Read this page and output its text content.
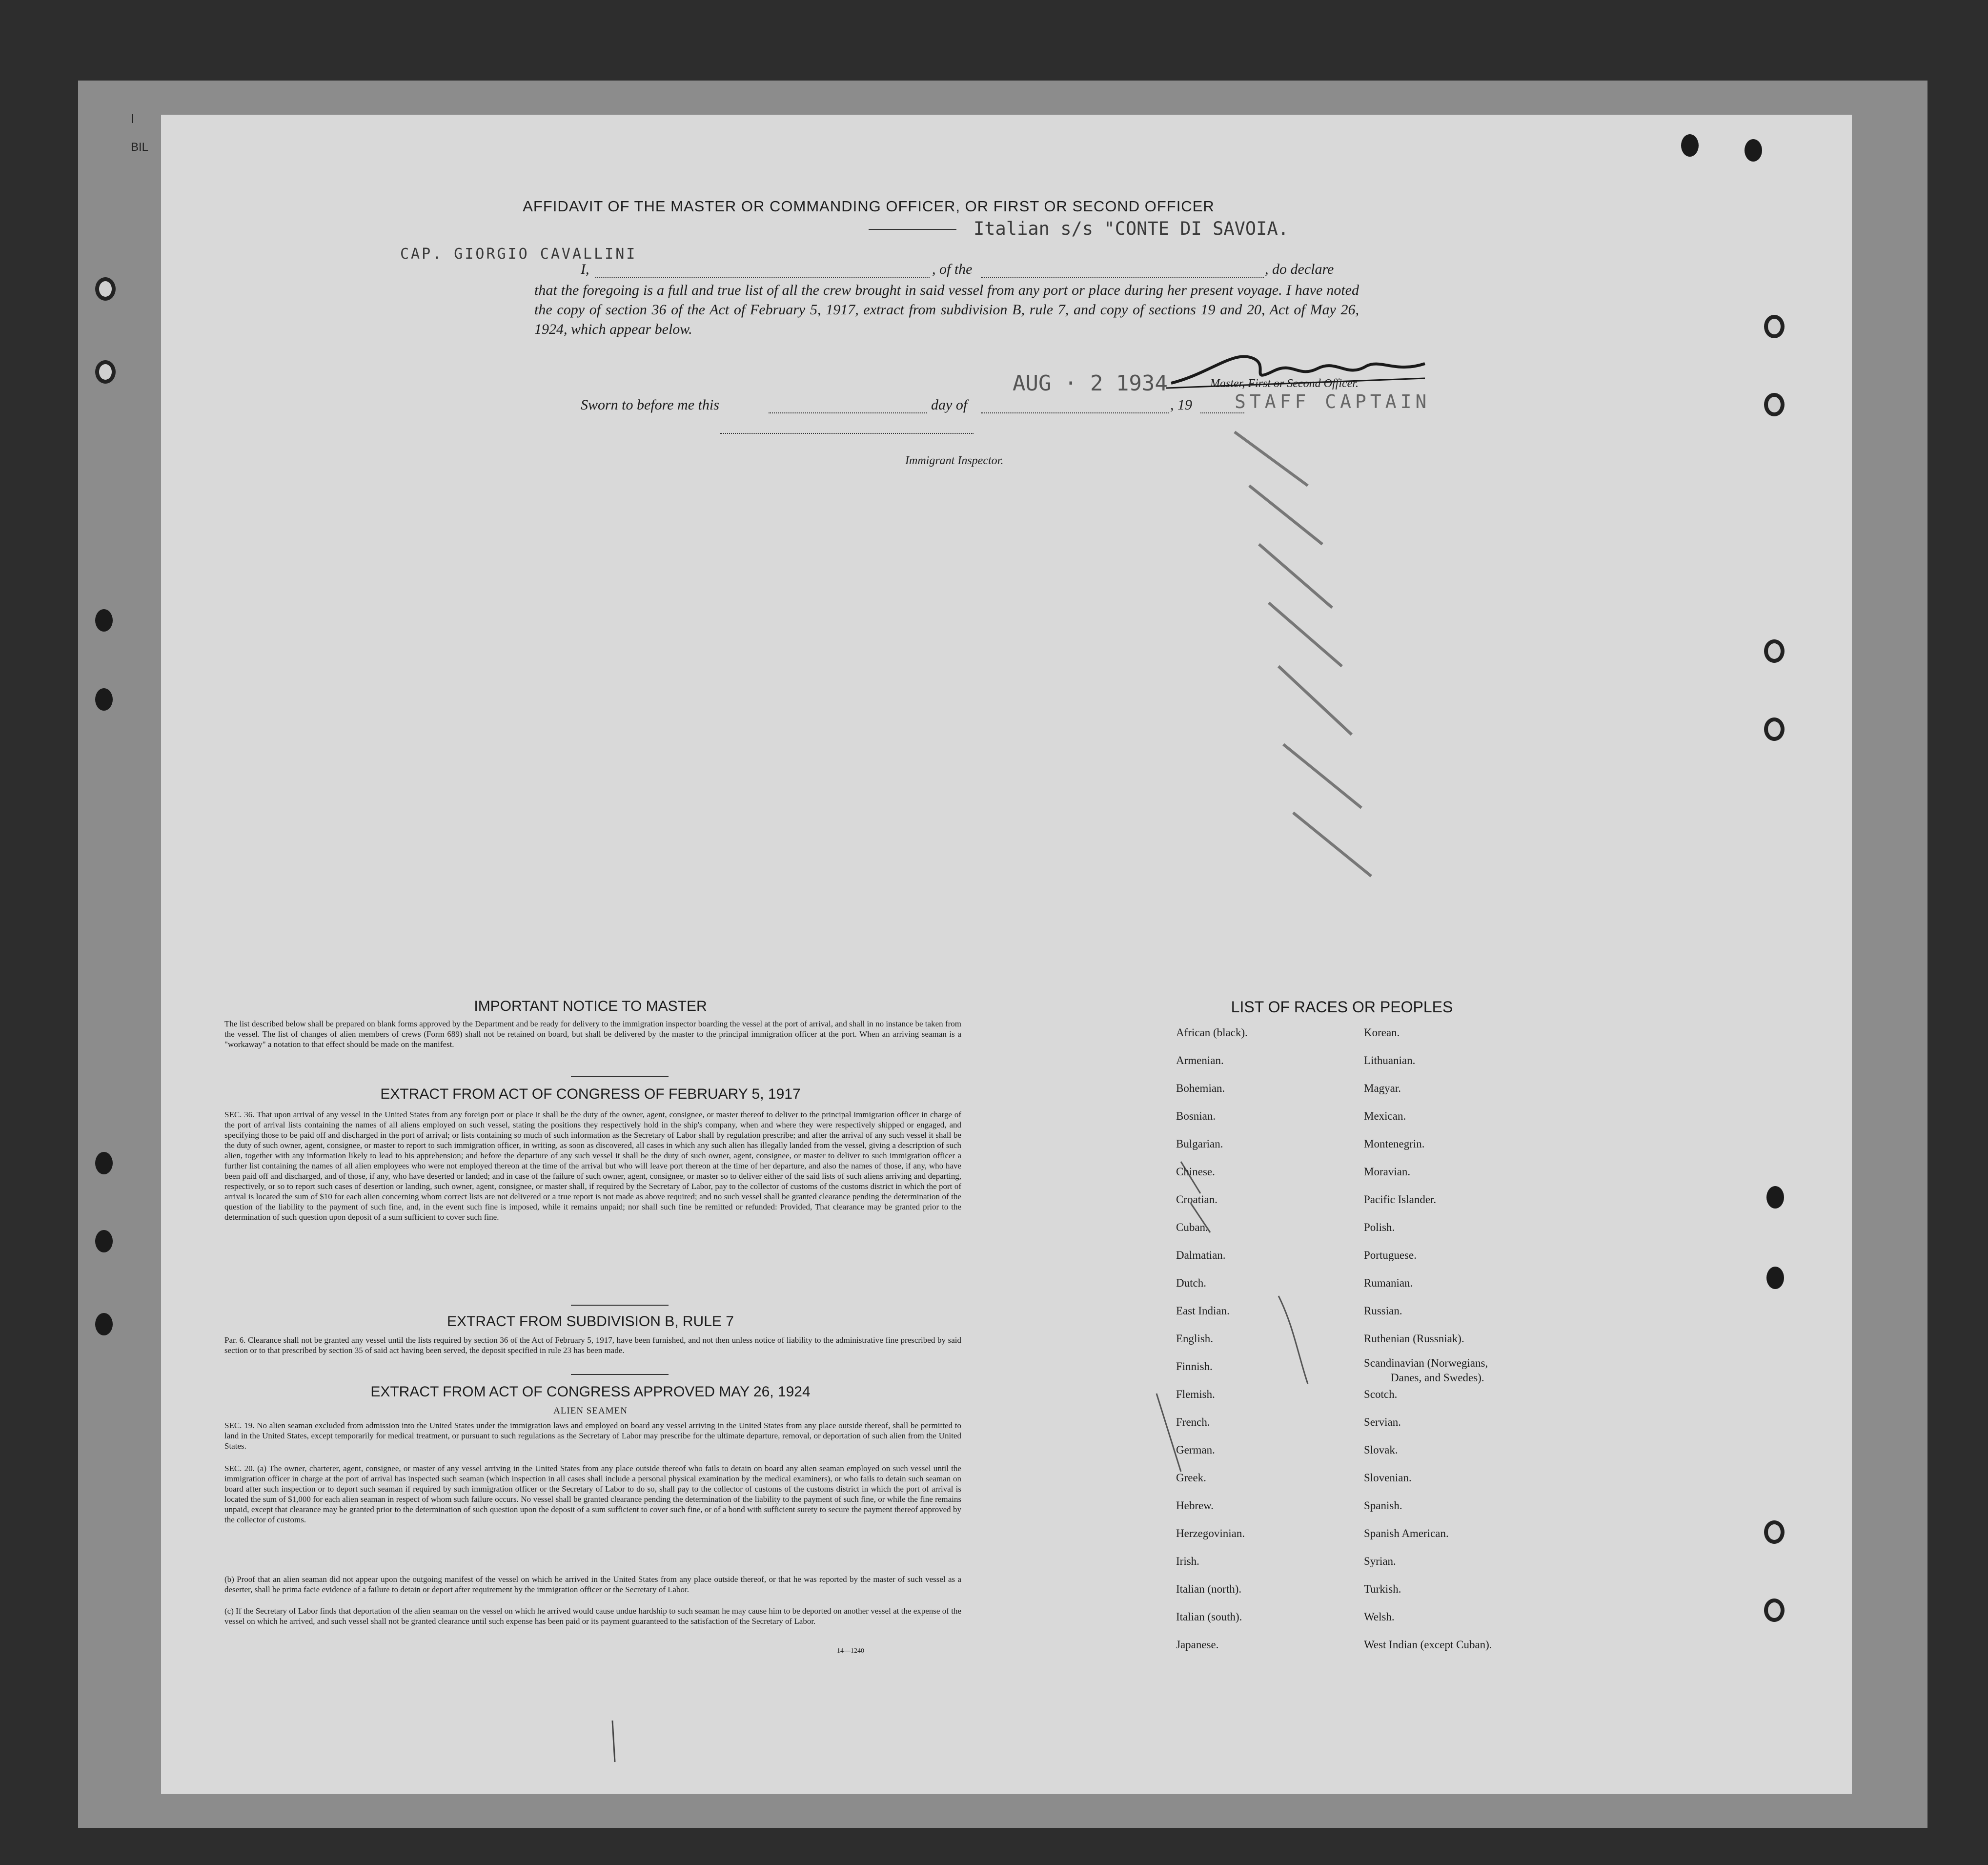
I
BIL
AFFIDAVIT OF THE MASTER OR COMMANDING OFFICER, OR FIRST OR SECOND OFFICER
Italian s/s "CONTE DI SAVOIA.
CAP. GIORGIO CAVALLINI
I,	, of the	, do declare
that the foregoing is a full and true list of all the crew brought in said vessel from any port or place during her present voyage. I have noted the copy of section 36 of the Act of February 5, 1917, extract from subdivision B, rule 7, and copy of sections 19 and 20, Act of May 26, 1924, which appear below.
Master, First or Second Officer.
STAFF CAPTAIN
Sworn to before me this	day of
AUG · 2 1934
, 19
Immigrant Inspector.
IMPORTANT NOTICE TO MASTER
The list described below shall be prepared on blank forms approved by the Department and be ready for delivery to the immigration inspector boarding the vessel at the port of arrival, and shall in no instance be taken from the vessel. The list of changes of alien members of crews (Form 689) shall not be retained on board, but shall be delivered by the master to the principal immigration officer at the port. When an arriving seaman is a "workaway" a notation to that effect should be made on the manifest.
EXTRACT FROM ACT OF CONGRESS OF FEBRUARY 5, 1917
SEC. 36. That upon arrival of any vessel in the United States from any foreign port or place it shall be the duty of the owner, agent, consignee, or master thereof to deliver to the principal immigration officer in charge of the port of arrival lists containing the names of all aliens employed on such vessel, stating the positions they respectively hold in the ship's company, when and where they were respectively shipped or engaged, and specifying those to be paid off and discharged in the port of arrival; or lists containing so much of such information as the Secretary of Labor shall by regulation prescribe; and after the arrival of any such vessel it shall be the duty of such owner, agent, consignee, or master to report to such immigration officer, in writing, as soon as discovered, all cases in which any such alien has illegally landed from the vessel, giving a description of such alien, together with any information likely to lead to his apprehension; and before the departure of any such vessel it shall be the duty of such owner, agent, consignee, or master to deliver to such immigration officer a further list containing the names of all alien employees who were not employed thereon at the time of the arrival but who will leave port thereon at the time of her departure, and also the names of those, if any, who have been paid off and discharged, and of those, if any, who have deserted or landed; and in case of the failure of such owner, agent, consignee, or master so to deliver either of the said lists of such aliens arriving and departing, respectively, or so to report such cases of desertion or landing, such owner, agent, consignee, or master shall, if required by the Secretary of Labor, pay to the collector of customs of the customs district in which the port of arrival is located the sum of $10 for each alien concerning whom correct lists are not delivered or a true report is not made as above required; and no such vessel shall be granted clearance pending the determination of the question of the liability to the payment of such fine, and, in the event such fine is imposed, while it remains unpaid; nor shall such fine be remitted or refunded: Provided, That clearance may be granted prior to the determination of such question upon deposit of a sum sufficient to cover such fine.
EXTRACT FROM SUBDIVISION B, RULE 7
Par. 6. Clearance shall not be granted any vessel until the lists required by section 36 of the Act of February 5, 1917, have been furnished, and not then unless notice of liability to the administrative fine prescribed by said section or to that prescribed by section 35 of said act having been served, the deposit specified in rule 23 has been made.
EXTRACT FROM ACT OF CONGRESS APPROVED MAY 26, 1924
ALIEN SEAMEN
SEC. 19. No alien seaman excluded from admission into the United States under the immigration laws and employed on board any vessel arriving in the United States from any place outside thereof, shall be permitted to land in the United States, except temporarily for medical treatment, or pursuant to such regulations as the Secretary of Labor may prescribe for the ultimate departure, removal, or deportation of such alien from the United States.
SEC. 20. (a) The owner, charterer, agent, consignee, or master of any vessel arriving in the United States from any place outside thereof who fails to detain on board any alien seaman employed on such vessel until the immigration officer in charge at the port of arrival has inspected such seaman (which inspection in all cases shall include a personal physical examination by the medical examiners), or who fails to detain such seaman on board after such inspection or to deport such seaman if required by such immigration officer or the Secretary of Labor to do so, shall pay to the collector of customs of the customs district in which the port of arrival is located the sum of $1,000 for each alien seaman in respect of whom such failure occurs. No vessel shall be granted clearance pending the determination of the liability to the payment of such fine, or while the fine remains unpaid, except that clearance may be granted prior to the determination of such question upon the deposit of a sum sufficient to cover such fine, or of a bond with sufficient surety to secure the payment thereof approved by the collector of customs.
(b) Proof that an alien seaman did not appear upon the outgoing manifest of the vessel on which he arrived in the United States from any place outside thereof, or that he was reported by the master of such vessel as a deserter, shall be prima facie evidence of a failure to detain or deport after requirement by the immigration officer or the Secretary of Labor.
(c) If the Secretary of Labor finds that deportation of the alien seaman on the vessel on which he arrived would cause undue hardship to such seaman he may cause him to be deported on another vessel at the expense of the vessel on which he arrived, and such vessel shall not be granted clearance until such expense has been paid or its payment guaranteed to the satisfaction of the Secretary of Labor.
14—1240
LIST OF RACES OR PEOPLES
African (black).
Armenian.
Bohemian.
Bosnian.
Bulgarian.
Chinese.
Croatian.
Cuban.
Dalmatian.
Dutch.
East Indian.
English.
Finnish.
Flemish.
French.
German.
Greek.
Hebrew.
Herzegovinian.
Irish.
Italian (north).
Italian (south).
Japanese.
Korean.
Lithuanian.
Magyar.
Mexican.
Montenegrin.
Moravian.
Pacific Islander.
Polish.
Portuguese.
Rumanian.
Russian.
Ruthenian (Russniak).
Scandinavian (Norwegians,
Danes, and Swedes).
Scotch.
Servian.
Slovak.
Slovenian.
Spanish.
Spanish American.
Syrian.
Turkish.
Welsh.
West Indian (except Cuban).
